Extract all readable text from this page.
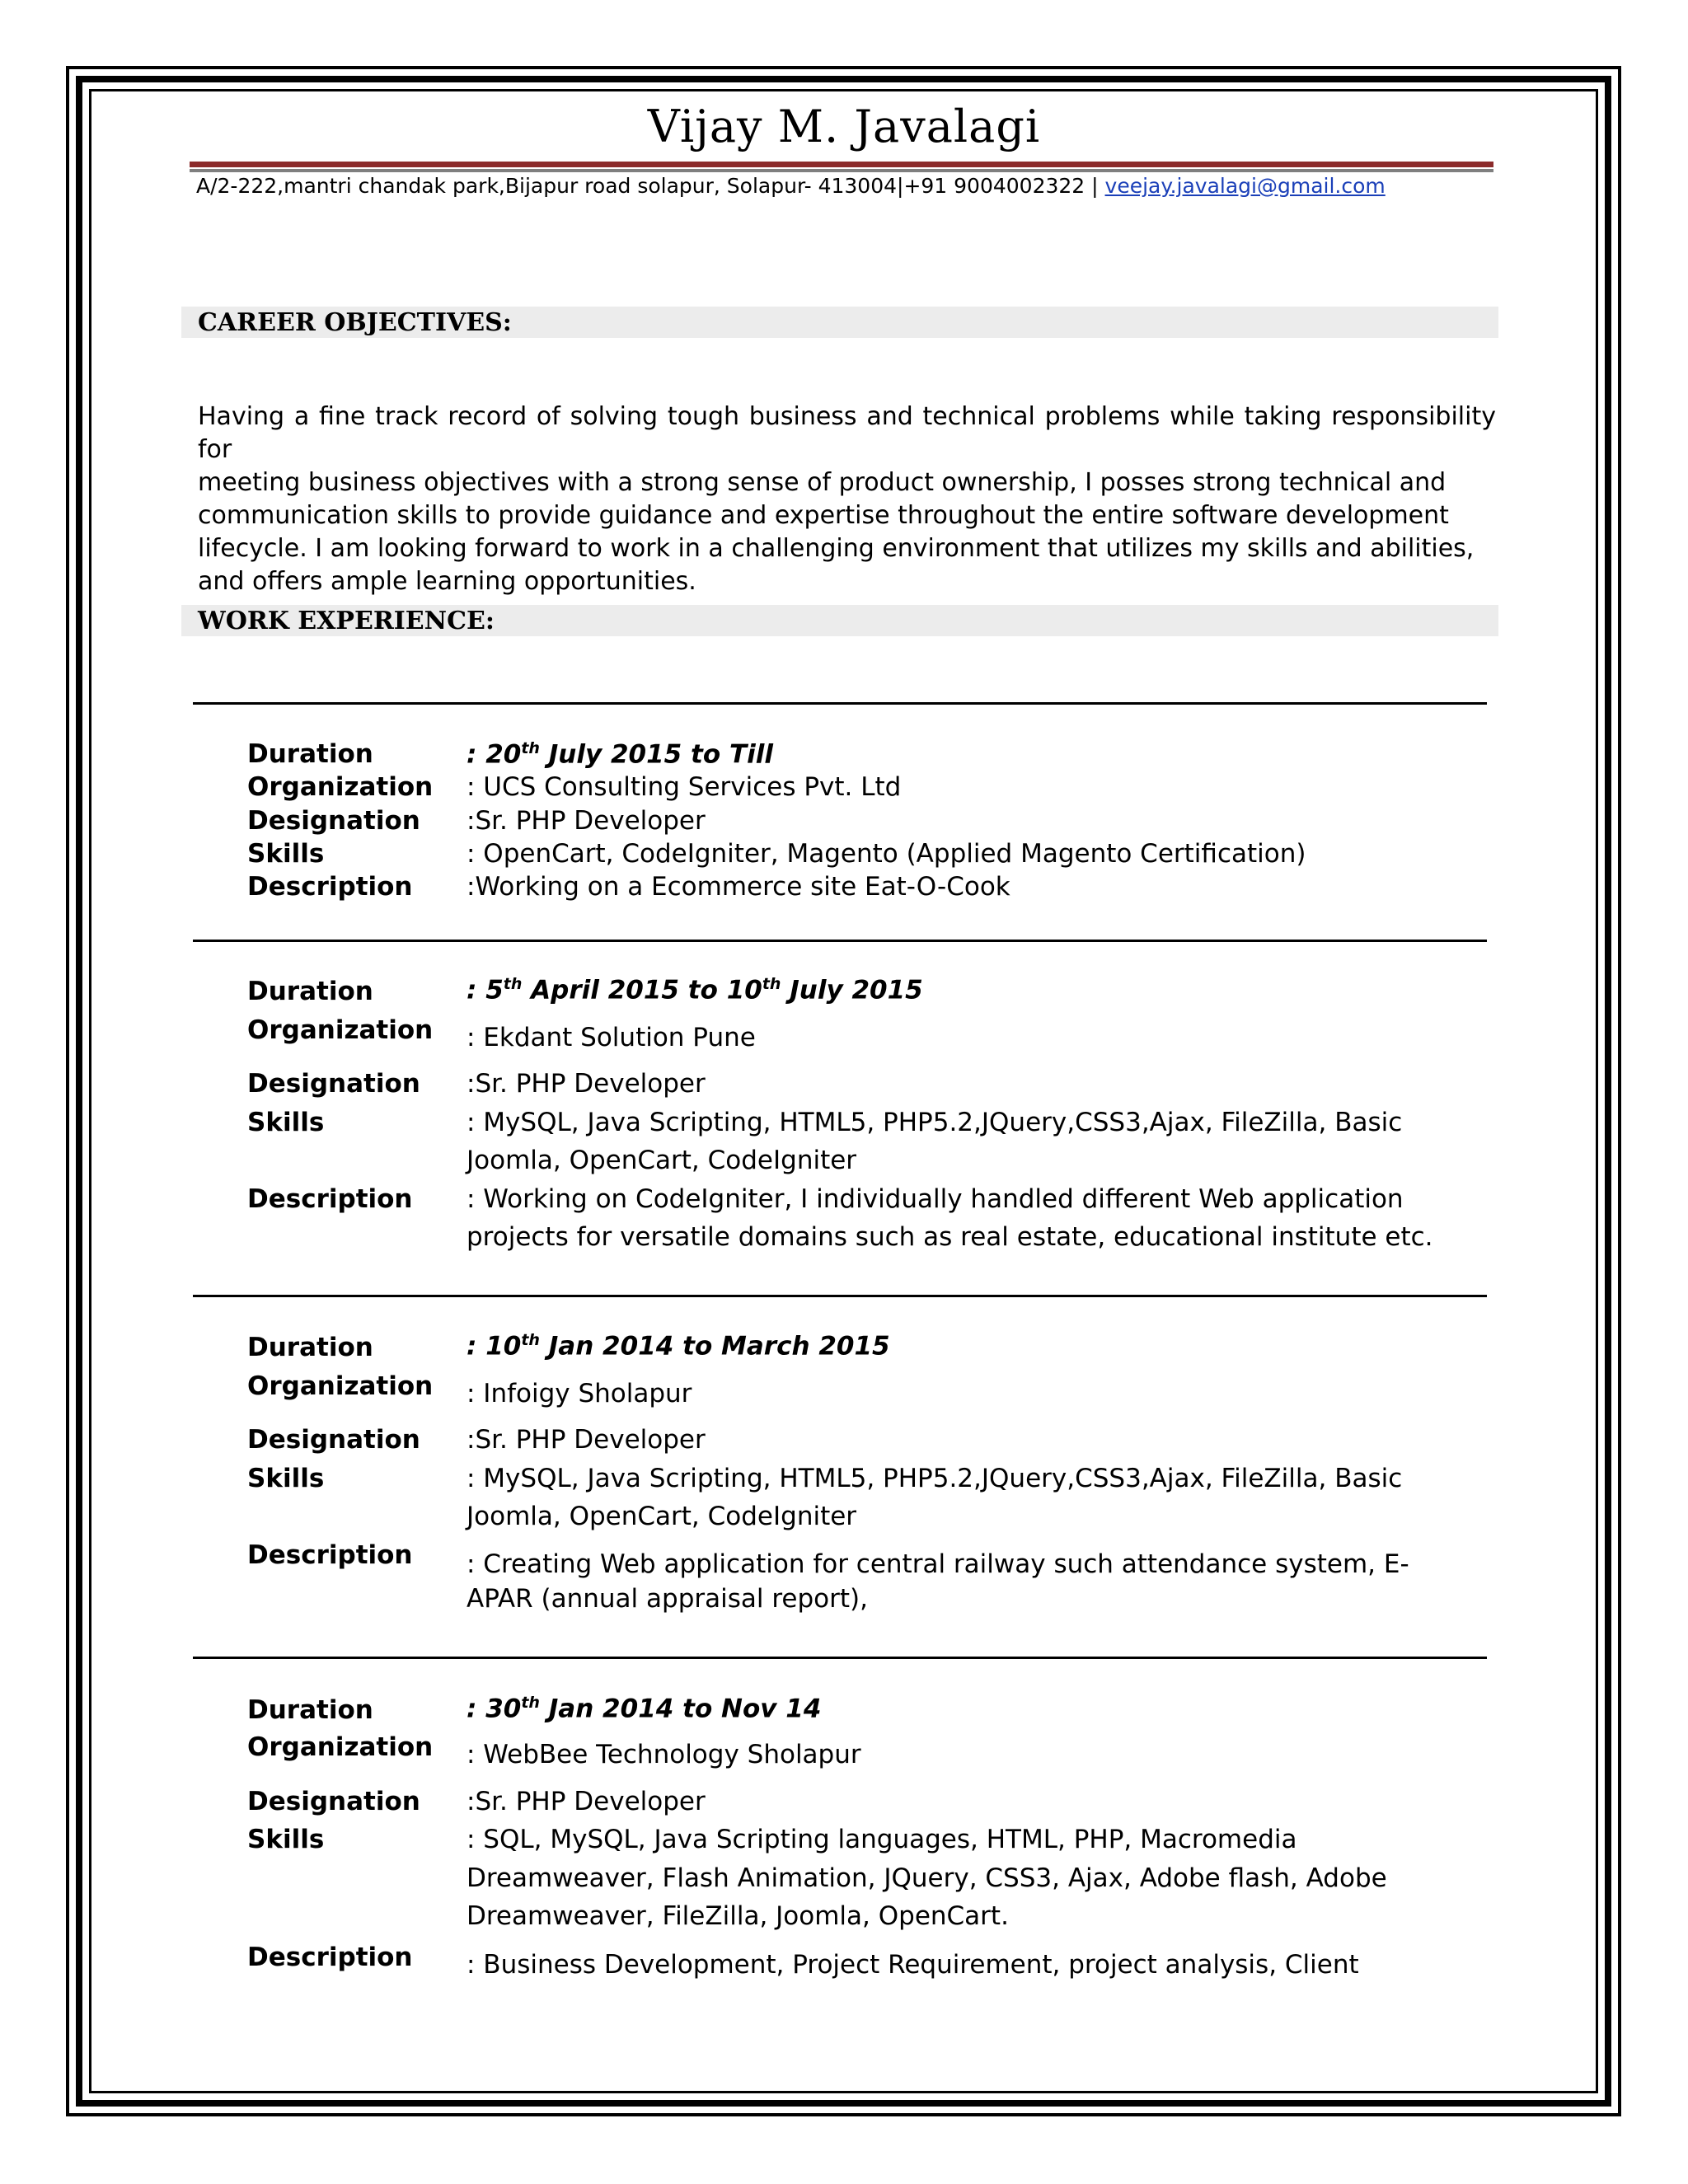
Vijay M. Javalagi
A/2-222,mantri chandak park,Bijapur road solapur, Solapur- 413004|+91 9004002322 | veejay.javalagi@gmail.com
CAREER OBJECTIVES:

Having a fine track record of solving tough business and technical problems while taking responsibility for

meeting business objectives with a strong sense of product ownership, I posses strong technical and

communication skills to provide guidance and expertise throughout the entire software development

lifecycle. I am looking forward to work in a challenging environment that utilizes my skills and abilities,

and offers ample learning opportunities.

WORK EXPERIENCE:
Duration	: 20th July 2015 to Till
Organization : UCS Consulting Services Pvt. Ltd
Designation :Sr. PHP Developer
Skills	: OpenCart, CodeIgniter, Magento (Applied Magento Certification)
Description :Working on a Ecommerce site Eat-O-Cook
Duration	: 5th April 2015 to 10th July 2015
Organization : Ekdant Solution Pune
Designation :Sr. PHP Developer
Skills	: MySQL, Java Scripting, HTML5, PHP5.2,JQuery,CSS3,Ajax, FileZilla, Basic
Joomla, OpenCart, CodeIgniter
Description : Working on CodeIgniter, I individually handled different Web application
projects for versatile domains such as real estate, educational institute etc.
Duration	: 10th Jan 2014 to March 2015
Organization : Infoigy Sholapur
Designation :Sr. PHP Developer
Skills	: MySQL, Java Scripting, HTML5, PHP5.2,JQuery,CSS3,Ajax, FileZilla, Basic
Joomla, OpenCart, CodeIgniter
Description : Creating Web application for central railway such attendance system, E-
APAR (annual appraisal report),
Duration	: 30th Jan 2014 to Nov 14
Organization : WebBee Technology Sholapur
Designation :Sr. PHP Developer
Skills	: SQL, MySQL, Java Scripting languages, HTML, PHP, Macromedia
Dreamweaver, Flash Animation, JQuery, CSS3, Ajax, Adobe flash, Adobe
Dreamweaver, FileZilla, Joomla, OpenCart.
Description : Business Development, Project Requirement, project analysis, Client
